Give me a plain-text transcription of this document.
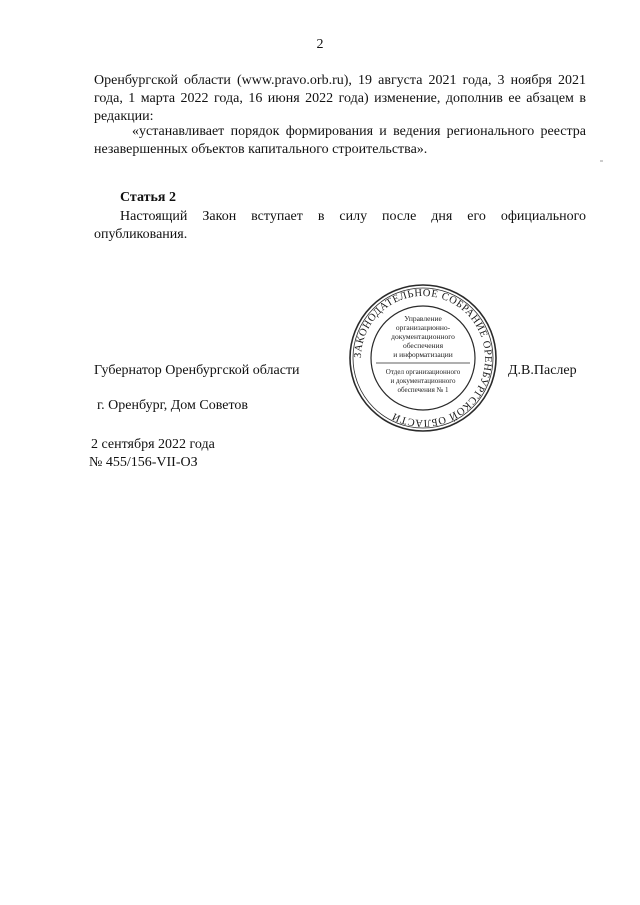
2
Оренбургской области (www.pravo.orb.ru), 19 августа 2021 года, 3 ноября 2021 года, 1 марта 2022 года, 16 июня 2022 года) изменение, дополнив ее абзацем в редакции:
«устанавливает порядок формирования и ведения регионального реестра незавершенных объектов капитального строительства».
Статья 2
Настоящий Закон вступает в силу после дня его официального опубликования.
ЗАКОНОДАТЕЛЬНОЕ СОБРАНИЕ ОРЕНБУРГСКОЙ ОБЛАСТИ
Управление
организационно-
документационного
обеспечения
и информатизации
Отдел организационного
и документационного
обеспечения № 1
Губернатор Оренбургской области	Д.В.Паслер
г. Оренбург, Дом Советов
2 сентября 2022 года
№ 455/156-VII-ОЗ
